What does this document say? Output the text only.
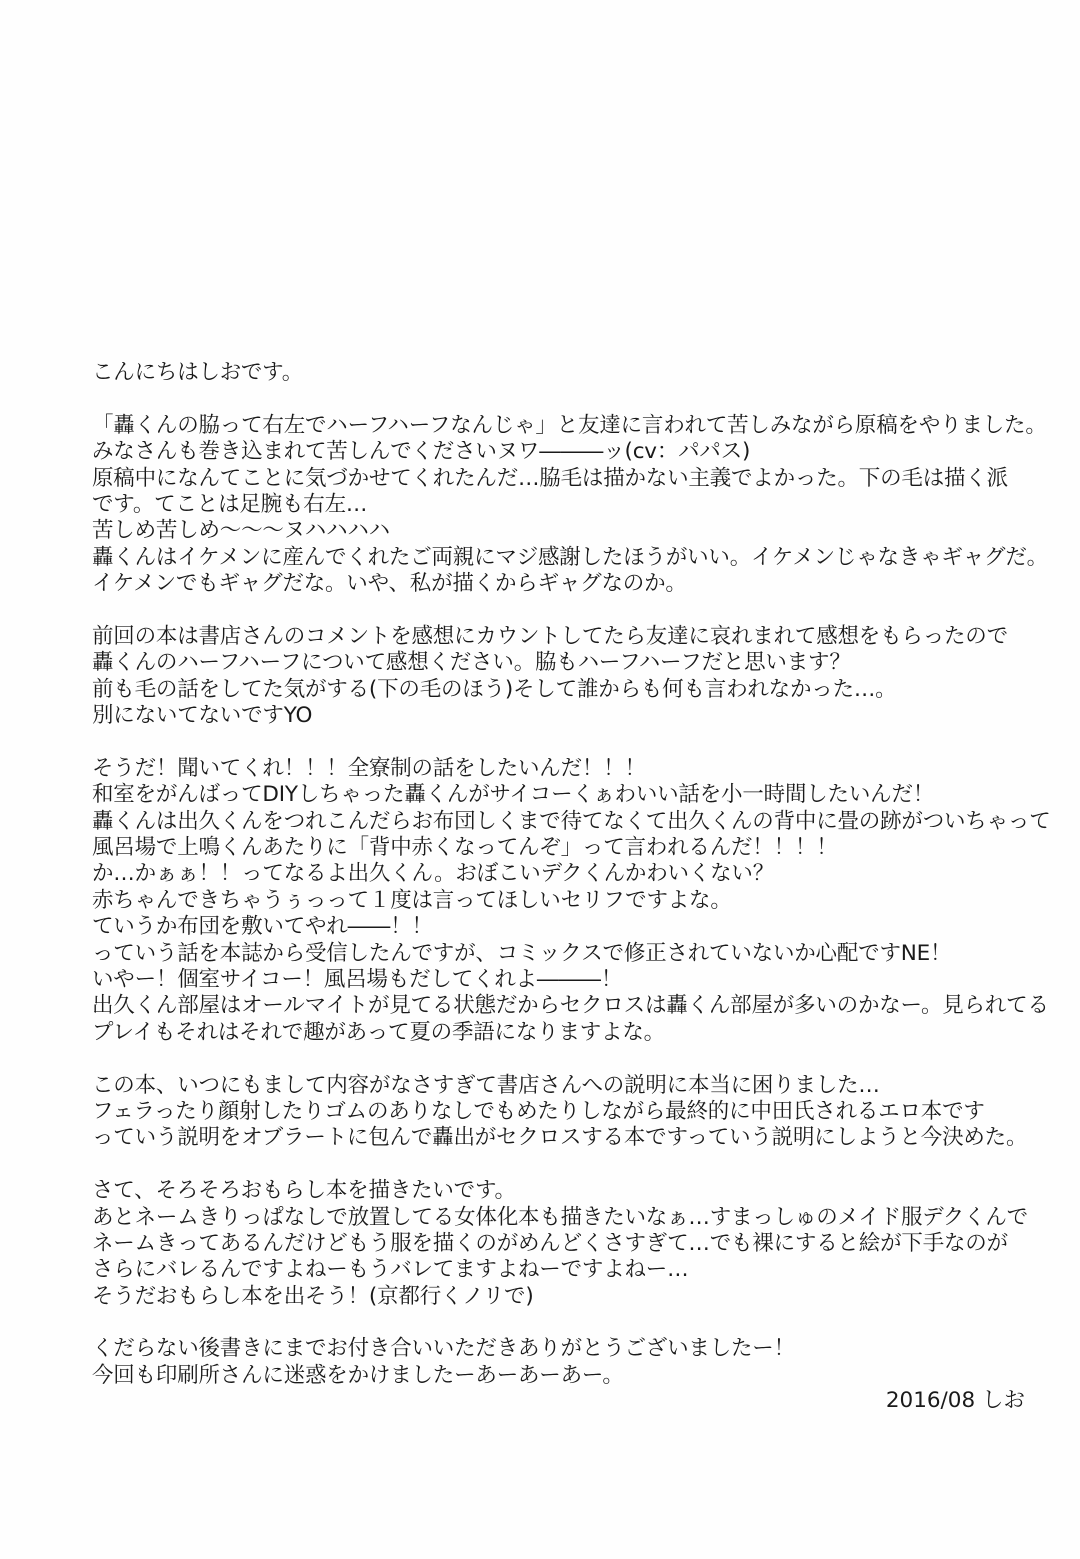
こんにちはしおです。
「轟くんの脇って右左でハーフハーフなんじゃ」と友達に言われて苦しみながら原稿をやりました。
みなさんも巻き込まれて苦しんでくださいヌワ―――ッ(cv：パパス)
原稿中になんてことに気づかせてくれたんだ…脇毛は描かない主義でよかった。下の毛は描く派
です。てことは足腕も右左…
苦しめ苦しめ～～～ヌハハハハ
轟くんはイケメンに産んでくれたご両親にマジ感謝したほうがいい。イケメンじゃなきゃギャグだ。
イケメンでもギャグだな。いや、私が描くからギャグなのか。
前回の本は書店さんのコメントを感想にカウントしてたら友達に哀れまれて感想をもらったので
轟くんのハーフハーフについて感想ください。脇もハーフハーフだと思います？
前も毛の話をしてた気がする(下の毛のほう)そして誰からも何も言われなかった…。
別にないてないですYO
そうだ！聞いてくれ！！！全寮制の話をしたいんだ！！！
和室をがんばってDIYしちゃった轟くんがサイコーくぁわいい話を小一時間したいんだ！
轟くんは出久くんをつれこんだらお布団しくまで待てなくて出久くんの背中に畳の跡がついちゃって
風呂場で上鳴くんあたりに「背中赤くなってんぞ」って言われるんだ！！！！
か…かぁぁ！！ってなるよ出久くん。おぼこいデクくんかわいくない？
赤ちゃんできちゃうぅっって１度は言ってほしいセリフですよな。
ていうか布団を敷いてやれ――！！
っていう話を本誌から受信したんですが、コミックスで修正されていないか心配ですNE！
いやー！個室サイコー！風呂場もだしてくれよ―――！
出久くん部屋はオールマイトが見てる状態だからセクロスは轟くん部屋が多いのかなー。見られてる
プレイもそれはそれで趣があって夏の季語になりますよな。
この本、いつにもまして内容がなさすぎて書店さんへの説明に本当に困りました…
フェラったり顔射したりゴムのありなしでもめたりしながら最終的に中田氏されるエロ本です
っていう説明をオブラートに包んで轟出がセクロスする本ですっていう説明にしようと今決めた。
さて、そろそろおもらし本を描きたいです。
あとネームきりっぱなしで放置してる女体化本も描きたいなぁ…すまっしゅのメイド服デクくんで
ネームきってあるんだけどもう服を描くのがめんどくさすぎて…でも裸にすると絵が下手なのが
さらにバレるんですよねーもうバレてますよねーですよねー…
そうだおもらし本を出そう！(京都行くノリで)
くだらない後書きにまでお付き合いいただきありがとうございましたー！
今回も印刷所さんに迷惑をかけましたーあーあーあー。
2016/08 しお
